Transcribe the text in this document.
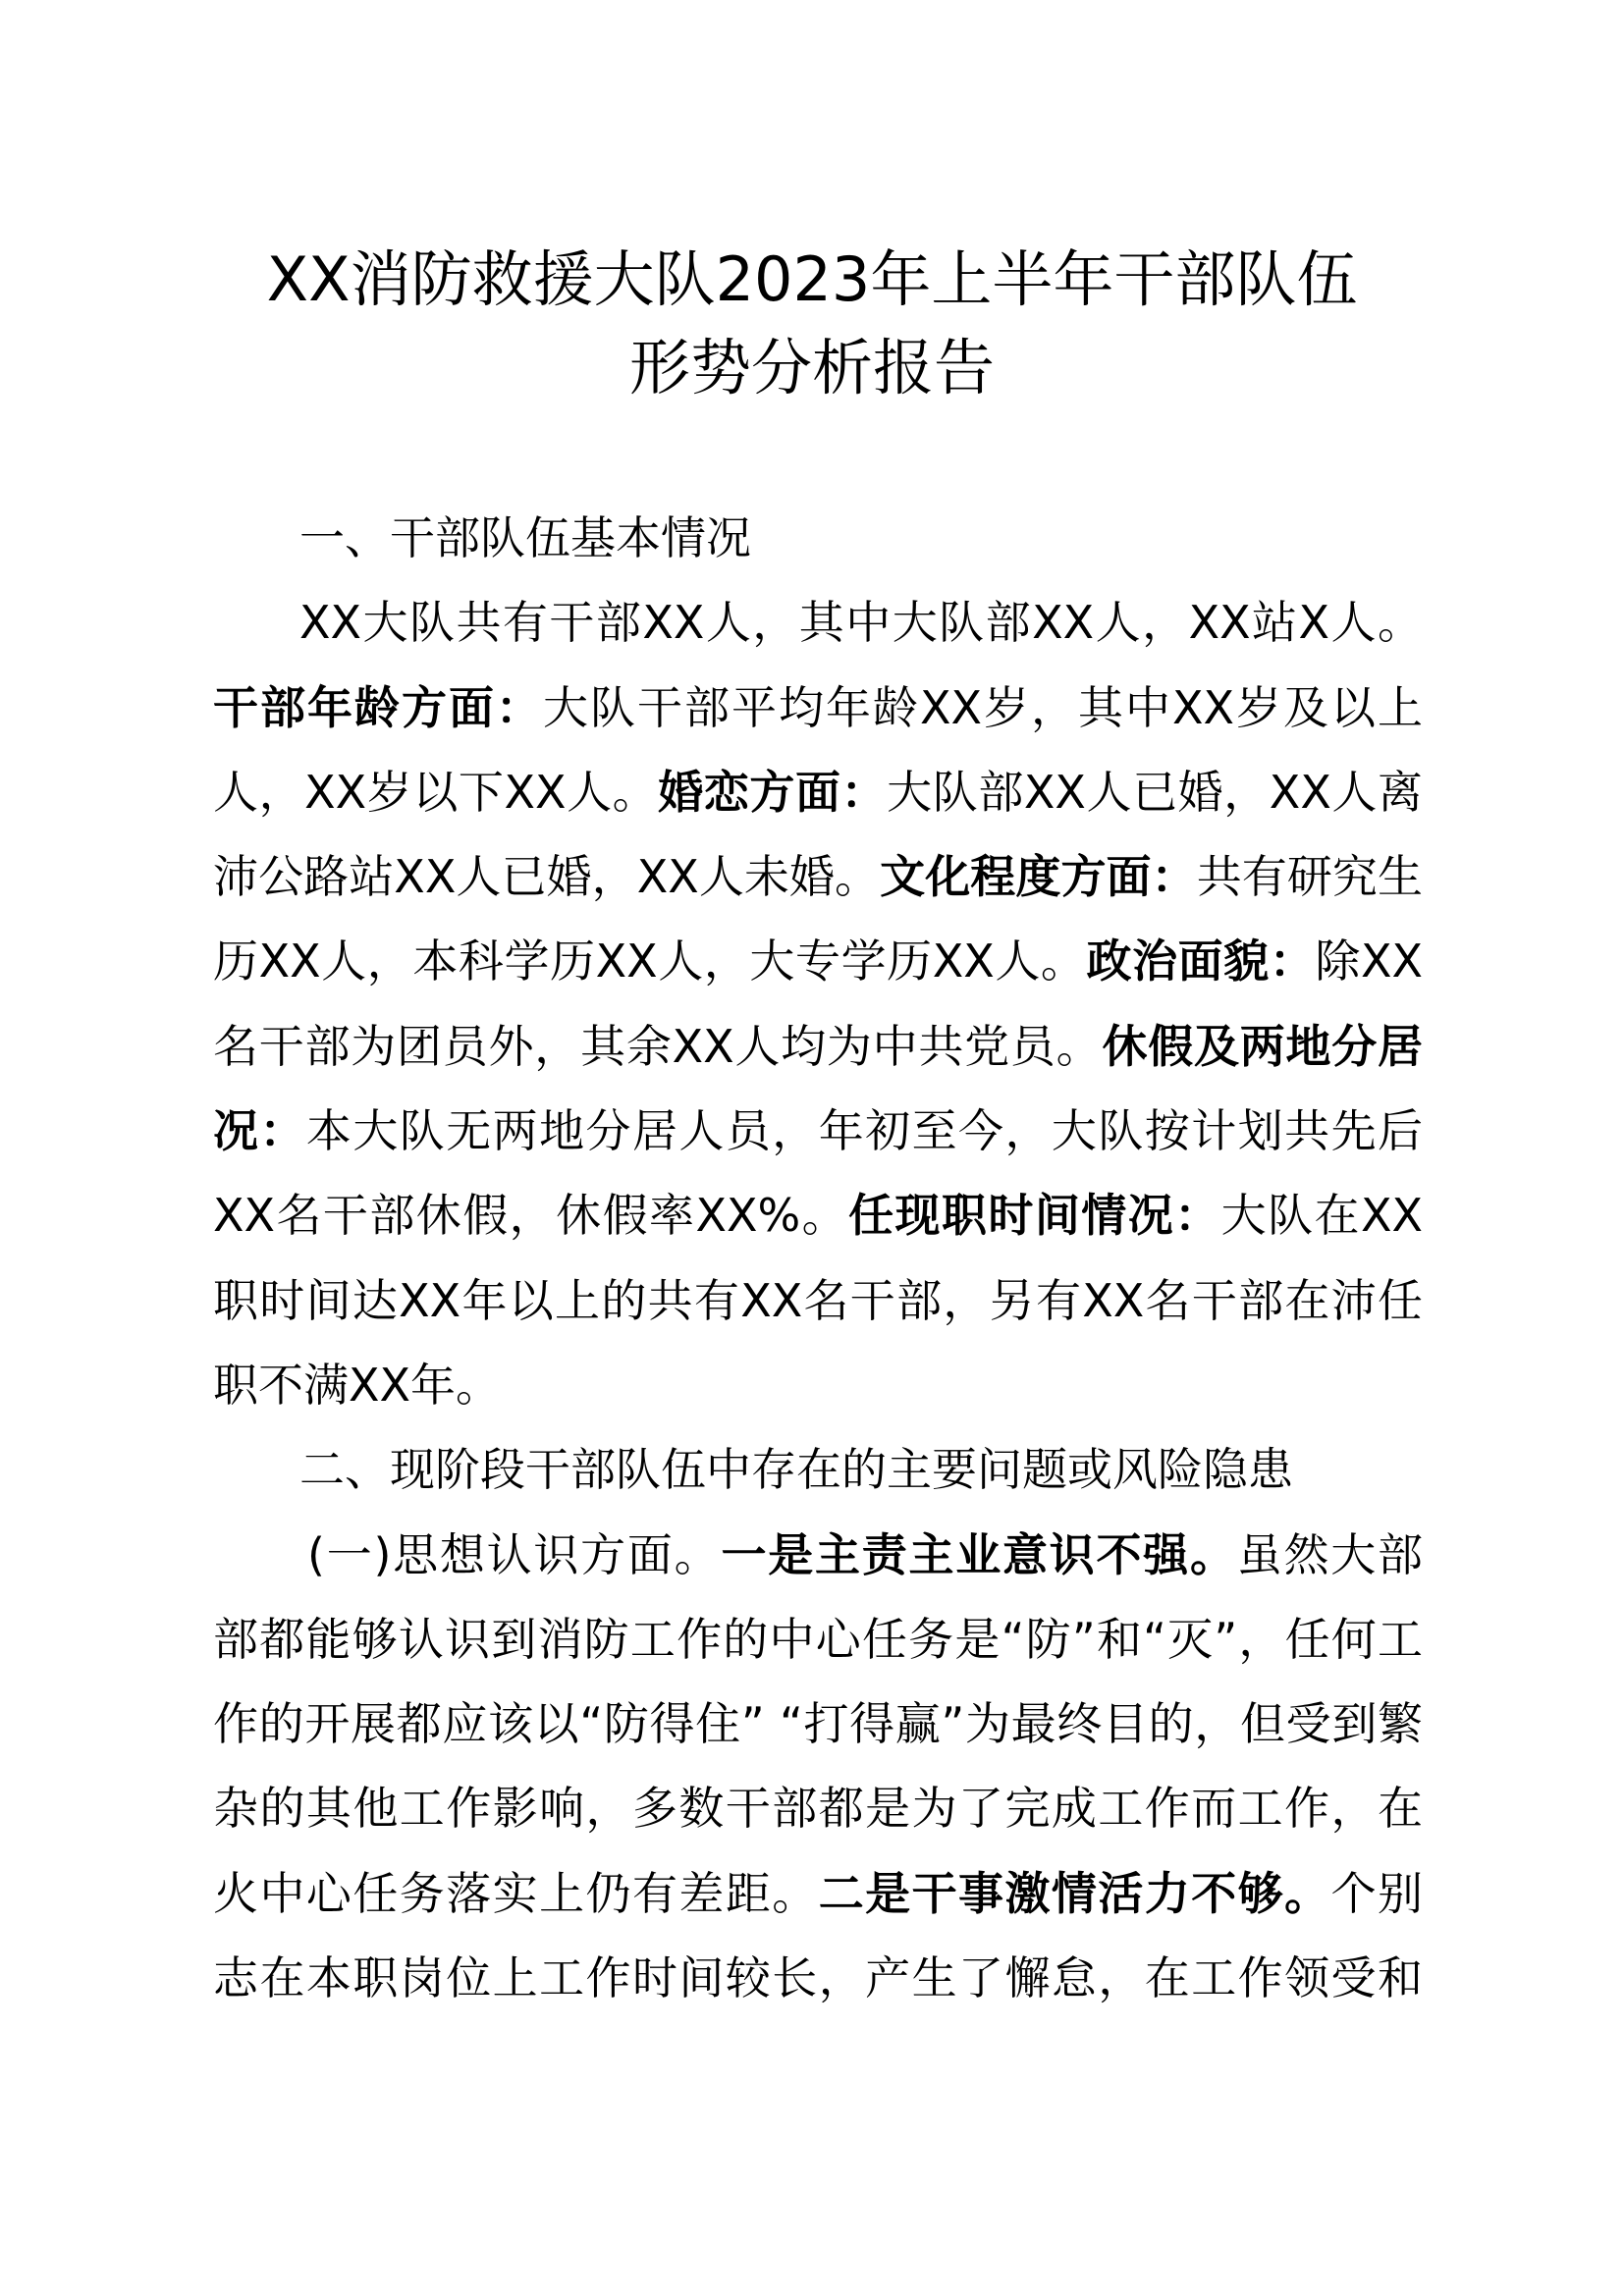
XX消防救援大队2023年上半年干部队伍
形势分析报告
一、干部队伍基本情况
XX大队共有干部XX人，其中大队部XX人，XX站X人。
干部年龄方面：大队干部平均年龄XX岁，其中XX岁及以上
人，XX岁以下XX人。婚恋方面：大队部XX人已婚，XX人离
沛公路站XX人已婚，XX人未婚。文化程度方面：共有研究生
历XX人，本科学历XX人，大专学历XX人。政治面貌：除XX
名干部为团员外，其余XX人均为中共党员。休假及两地分居
况：本大队无两地分居人员，年初至今，大队按计划共先后
XX名干部休假，休假率XX%。任现职时间情况：大队在XX
职时间达XX年以上的共有XX名干部，另有XX名干部在沛任
职不满XX年。
二、现阶段干部队伍中存在的主要问题或风险隐患
(一)思想认识方面。一是主责主业意识不强。虽然大部
部都能够认识到消防工作的中心任务是“防”和“灭”，任何工
作的开展都应该以“防得住” “打得赢”为最终目的，但受到繁
杂的其他工作影响，多数干部都是为了完成工作而工作，在
火中心任务落实上仍有差距。二是干事激情活力不够。个别
志在本职岗位上工作时间较长，产生了懈怠，在工作领受和
